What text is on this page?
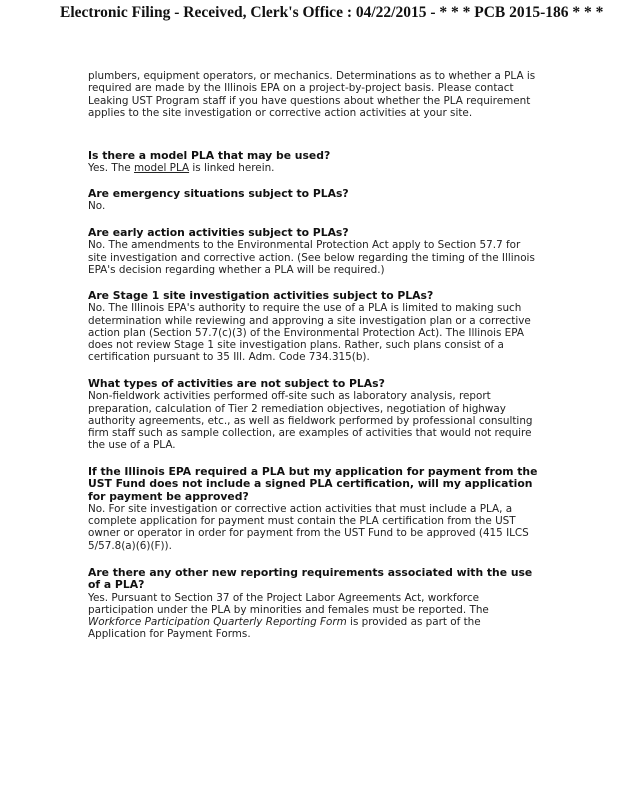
Electronic Filing - Received, Clerk's Office : 04/22/2015 - * * * PCB 2015-186 * * *

plumbers, equipment operators, or mechanics. Determinations as to whether a PLA is required are made by the Illinois EPA on a project-by-project basis. Please contact Leaking UST Program staff if you have questions about whether the PLA requirement applies to the site investigation or corrective action activities at your site.

Is there a model PLA that may be used?

Yes. The model PLA is linked herein.

Are emergency situations subject to PLAs?

No.

Are early action activities subject to PLAs?

No. The amendments to the Environmental Protection Act apply to Section 57.7 for site investigation and corrective action. (See below regarding the timing of the Illinois EPA's decision regarding whether a PLA will be required.)

Are Stage 1 site investigation activities subject to PLAs?

No. The Illinois EPA's authority to require the use of a PLA is limited to making such determination while reviewing and approving a site investigation plan or a corrective action plan (Section 57.7(c)(3) of the Environmental Protection Act). The Illinois EPA does not review Stage 1 site investigation plans. Rather, such plans consist of a certification pursuant to 35 Ill. Adm. Code 734.315(b).

What types of activities are not subject to PLAs?

Non-fieldwork activities performed off-site such as laboratory analysis, report preparation, calculation of Tier 2 remediation objectives, negotiation of highway authority agreements, etc., as well as fieldwork performed by professional consulting firm staff such as sample collection, are examples of activities that would not require the use of a PLA.

If the Illinois EPA required a PLA but my application for payment from the UST Fund does not include a signed PLA certification, will my application for payment be approved?

No. For site investigation or corrective action activities that must include a PLA, a complete application for payment must contain the PLA certification from the UST owner or operator in order for payment from the UST Fund to be approved (415 ILCS 5/57.8(a)(6)(F)).

Are there any other new reporting requirements associated with the use of a PLA?

Yes. Pursuant to Section 37 of the Project Labor Agreements Act, workforce participation under the PLA by minorities and females must be reported. The Workforce Participation Quarterly Reporting Form is provided as part of the Application for Payment Forms.
